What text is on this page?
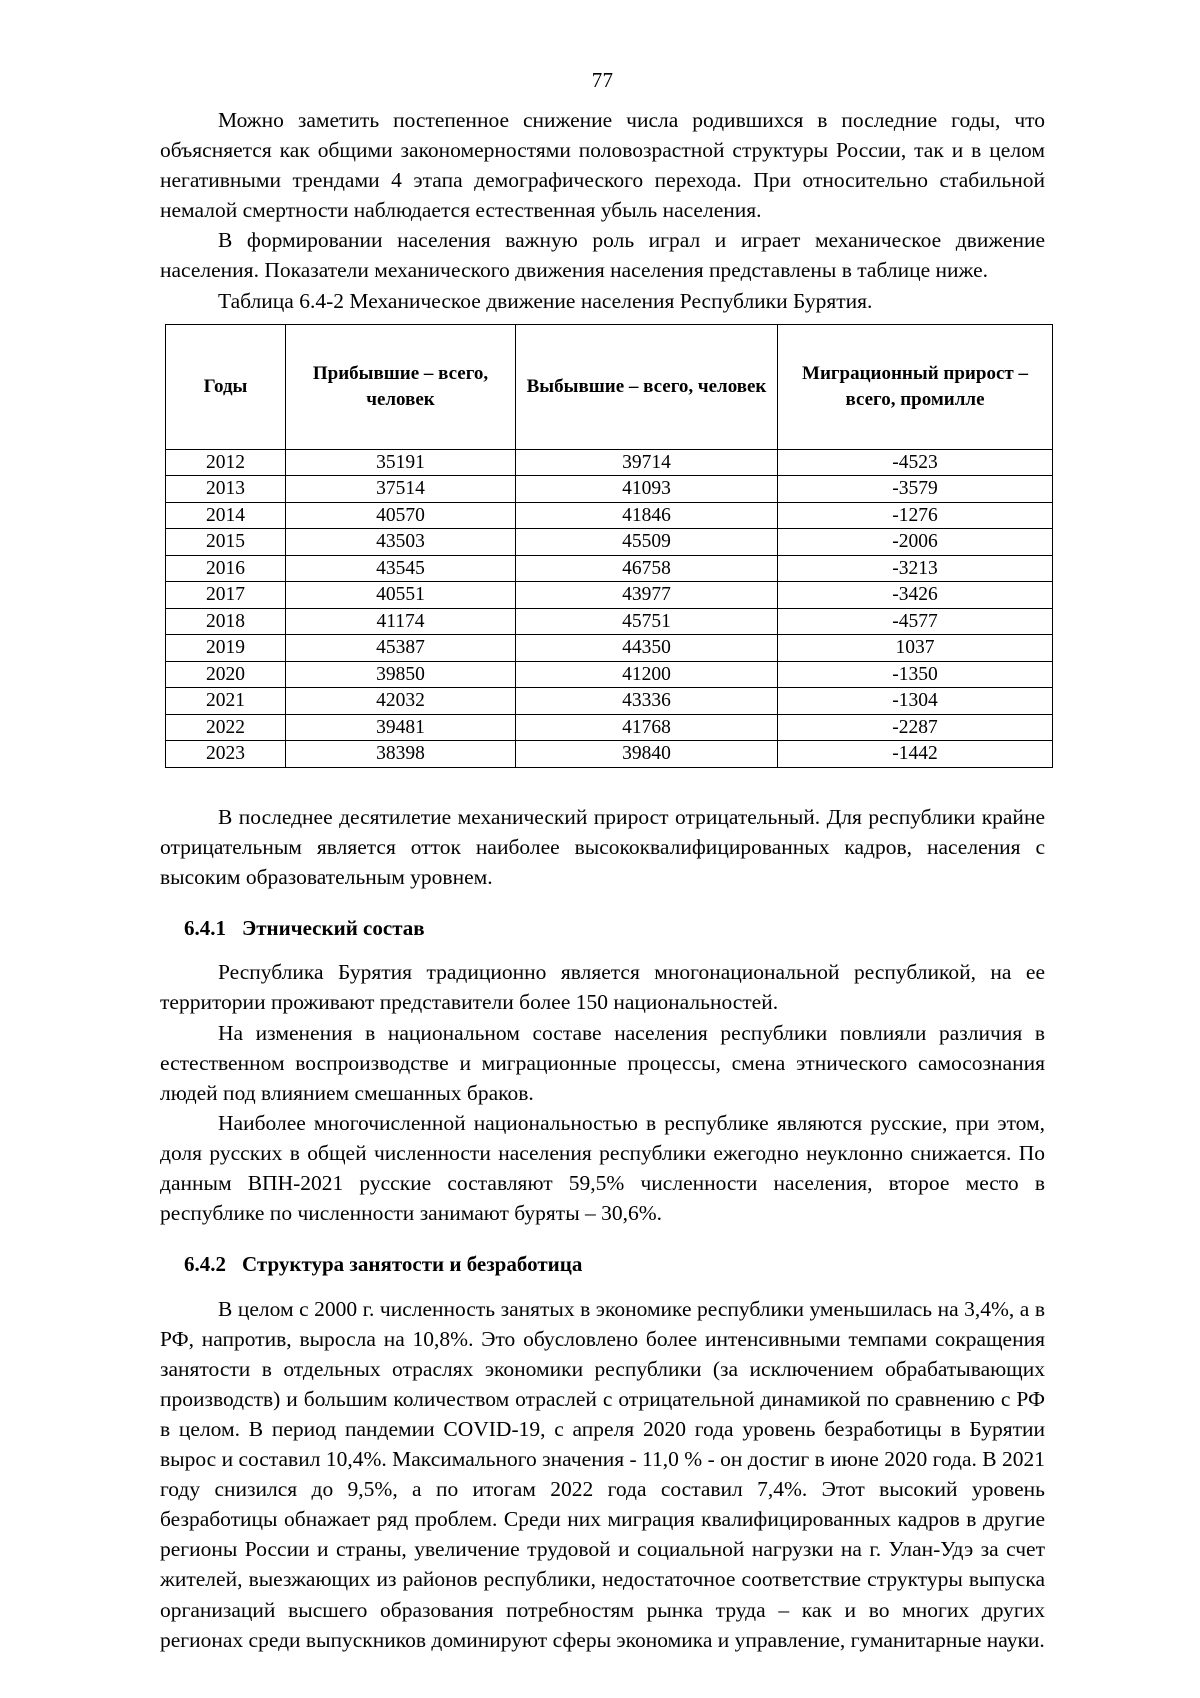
77

Можно заметить постепенное снижение числа родившихся в последние годы, что объясняется как общими закономерностями половозрастной структуры России, так и в целом негативными трендами 4 этапа демографического перехода. При относительно стабильной немалой смертности наблюдается естественная убыль населения.

В формировании населения важную роль играл и играет механическое движение населения. Показатели механического движения населения представлены в таблице ниже.

Таблица 6.4-2 Механическое движение населения Республики Бурятия.

Годы	Прибывшие – всего, человек	Выбывшие – всего, человек	Миграционный прирост – всего, промилле
2012	35191	39714	-4523
2013	37514	41093	-3579
2014	40570	41846	-1276
2015	43503	45509	-2006
2016	43545	46758	-3213
2017	40551	43977	-3426
2018	41174	45751	-4577
2019	45387	44350	1037
2020	39850	41200	-1350
2021	42032	43336	-1304
2022	39481	41768	-2287
2023	38398	39840	-1442

В последнее десятилетие механический прирост отрицательный. Для республики крайне отрицательным является отток наиболее высококвалифицированных кадров, населения с высоким образовательным уровнем.

6.4.1 Этнический состав

Республика Бурятия традиционно является многонациональной республикой, на ее территории проживают представители более 150 национальностей.

На изменения в национальном составе населения республики повлияли различия в естественном воспроизводстве и миграционные процессы, смена этнического самосознания людей под влиянием смешанных браков.

Наиболее многочисленной национальностью в республике являются русские, при этом, доля русских в общей численности населения республики ежегодно неуклонно снижается. По данным ВПН-2021 русские составляют 59,5% численности населения, второе место в республике по численности занимают буряты – 30,6%.

6.4.2 Структура занятости и безработица

В целом с 2000 г. численность занятых в экономике республики уменьшилась на 3,4%, а в РФ, напротив, выросла на 10,8%. Это обусловлено более интенсивными темпами сокращения занятости в отдельных отраслях экономики республики (за исключением обрабатывающих производств) и большим количеством отраслей с отрицательной динамикой по сравнению с РФ в целом. В период пандемии COVID-19, с апреля 2020 года уровень безработицы в Бурятии вырос и составил 10,4%. Максимального значения - 11,0 % - он достиг в июне 2020 года. В 2021 году снизился до 9,5%, а по итогам 2022 года составил 7,4%. Этот высокий уровень безработицы обнажает ряд проблем. Среди них миграция квалифицированных кадров в другие регионы России и страны, увеличение трудовой и социальной нагрузки на г. Улан-Удэ за счет жителей, выезжающих из районов республики, недостаточное соответствие структуры выпуска организаций высшего образования потребностям рынка труда – как и во многих других регионах среди выпускников доминируют сферы экономика и управление, гуманитарные науки.
